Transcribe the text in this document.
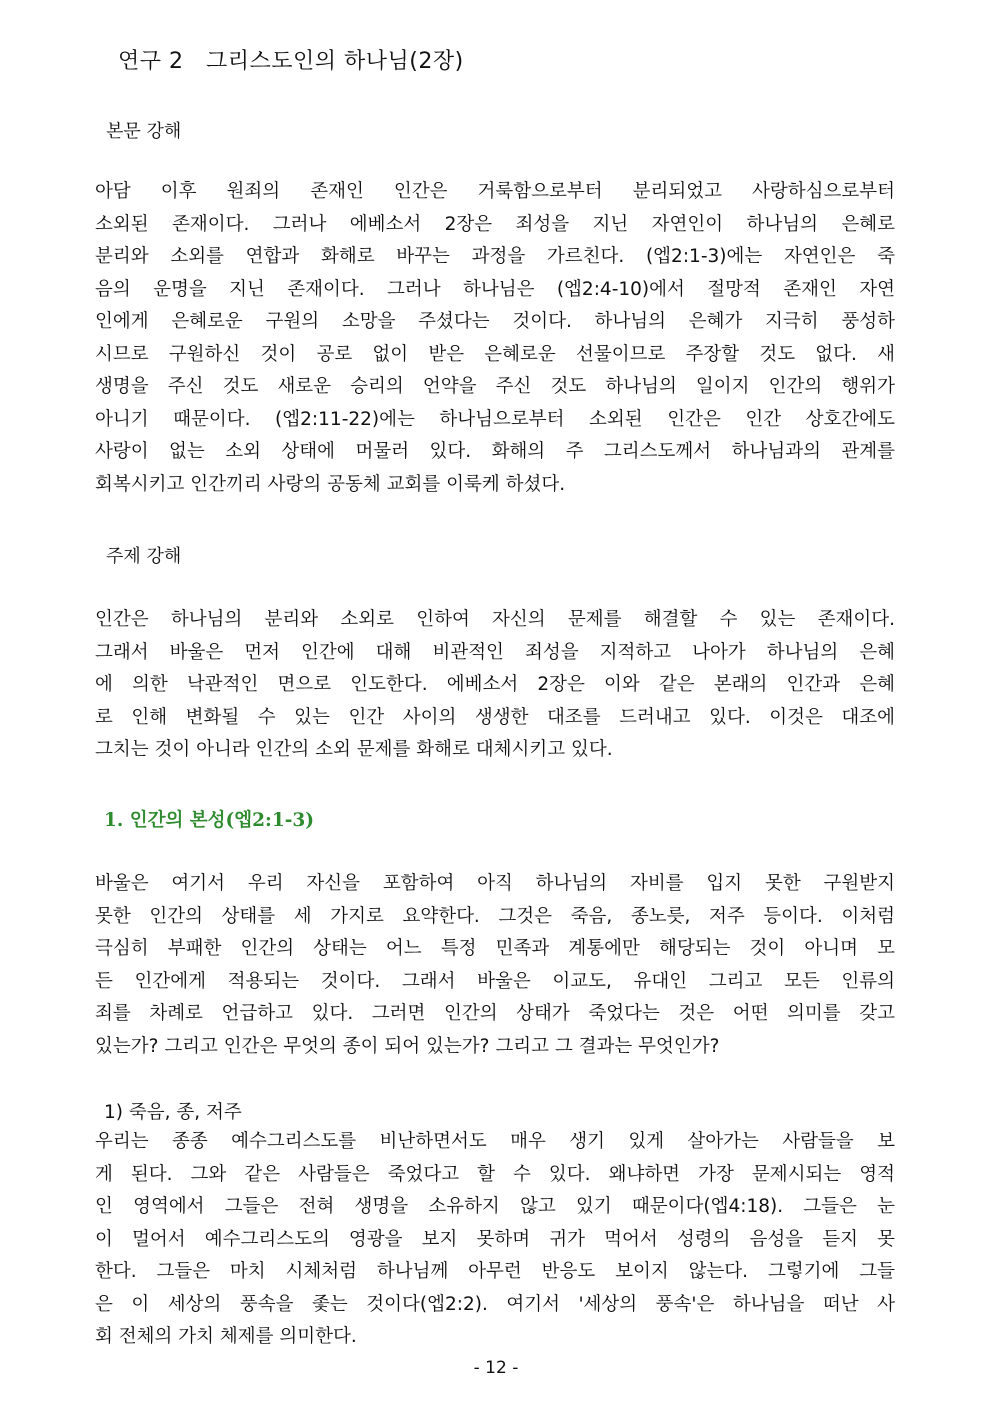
연구 2   그리스도인의 하나님(2장)
본문 강해
아담 이후 원죄의 존재인 인간은 거룩함으로부터 분리되었고 사랑하심으로부터
소외된 존재이다. 그러나 에베소서 2장은 죄성을 지닌 자연인이 하나님의 은혜로
분리와 소외를 연합과 화해로 바꾸는 과정을 가르친다. (엡2:1-3)에는 자연인은 죽
음의 운명을 지닌 존재이다. 그러나 하나님은 (엡2:4-10)에서 절망적 존재인 자연
인에게 은혜로운 구원의 소망을 주셨다는 것이다. 하나님의 은혜가 지극히 풍성하
시므로 구원하신 것이 공로 없이 받은 은혜로운 선물이므로 주장할 것도 없다. 새
생명을 주신 것도 새로운 승리의 언약을 주신 것도 하나님의 일이지 인간의 행위가
아니기 때문이다. (엡2:11-22)에는 하나님으로부터 소외된 인간은 인간 상호간에도
사랑이 없는 소외 상태에 머물러 있다. 화해의 주 그리스도께서 하나님과의 관계를
회복시키고 인간끼리 사랑의 공동체 교회를 이룩케 하셨다.
주제 강해
인간은 하나님의 분리와 소외로 인하여 자신의 문제를 해결할 수 있는 존재이다.
그래서 바울은 먼저 인간에 대해 비관적인 죄성을 지적하고 나아가 하나님의 은혜
에 의한 낙관적인 면으로 인도한다. 에베소서 2장은 이와 같은 본래의 인간과 은혜
로 인해 변화될 수 있는 인간 사이의 생생한 대조를 드러내고 있다. 이것은 대조에
그치는 것이 아니라 인간의 소외 문제를 화해로 대체시키고 있다.
1. 인간의 본성(엡2:1-3)
바울은 여기서 우리 자신을 포함하여 아직 하나님의 자비를 입지 못한 구원받지
못한 인간의 상태를 세 가지로 요약한다. 그것은 죽음, 종노릇, 저주 등이다. 이처럼
극심히 부패한 인간의 상태는 어느 특정 민족과 계통에만 해당되는 것이 아니며 모
든 인간에게 적용되는 것이다. 그래서 바울은 이교도, 유대인 그리고 모든 인류의
죄를 차례로 언급하고 있다. 그러면 인간의 상태가 죽었다는 것은 어떤 의미를 갖고
있는가? 그리고 인간은 무엇의 종이 되어 있는가? 그리고 그 결과는 무엇인가?
1) 죽음, 종, 저주
우리는 종종 예수그리스도를 비난하면서도 매우 생기 있게 살아가는 사람들을 보
게 된다. 그와 같은 사람들은 죽었다고 할 수 있다. 왜냐하면 가장 문제시되는 영적
인 영역에서 그들은 전혀 생명을 소유하지 않고 있기 때문이다(엡4:18). 그들은 눈
이 멀어서 예수그리스도의 영광을 보지 못하며 귀가 먹어서 성령의 음성을 듣지 못
한다. 그들은 마치 시체처럼 하나님께 아무런 반응도 보이지 않는다. 그렇기에 그들
은 이 세상의 풍속을 좇는 것이다(엡2:2). 여기서 '세상의 풍속'은 하나님을 떠난 사
회 전체의 가치 체제를 의미한다.
- 12 -
